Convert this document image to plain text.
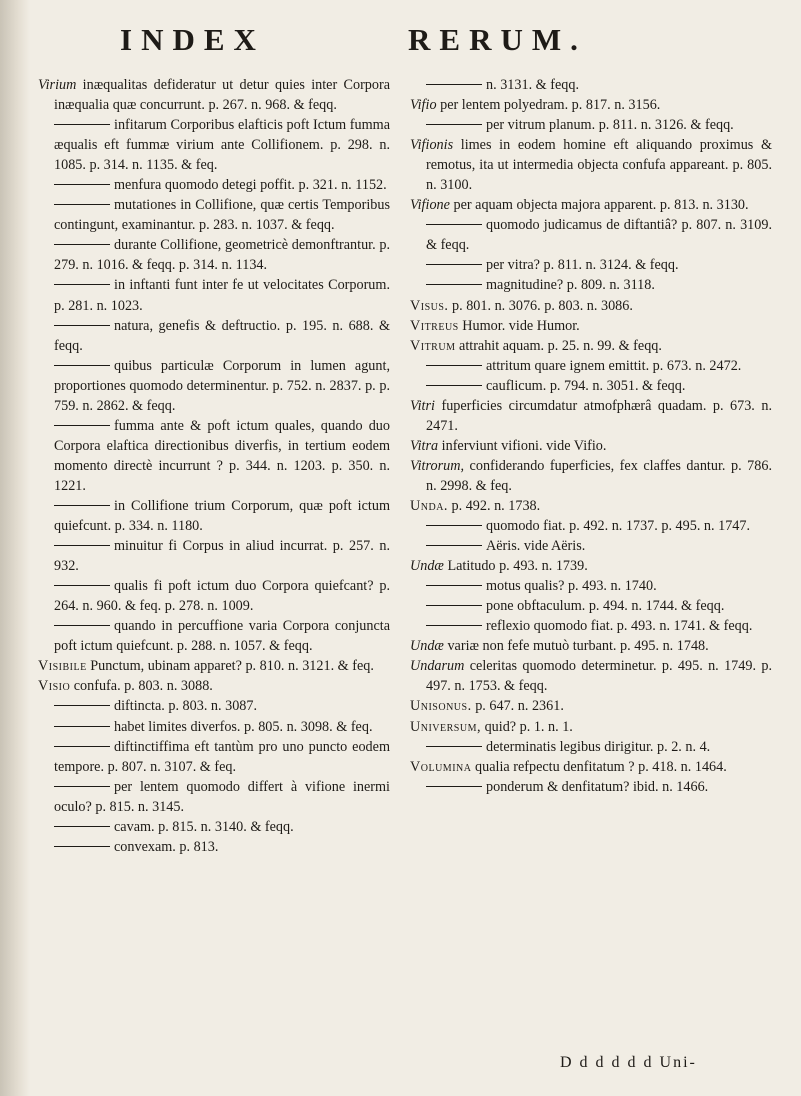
INDEX	RERUM.

Virium inæqualitas defideratur ut detur quies inter Corpora inæqualia quæ concurrunt. p. 267. n. 968. & feqq.

infitarum Corporibus elafticis poft Ictum fumma æqualis eft fummæ virium ante Collifionem. p. 298. n. 1085. p. 314. n. 1135. & feq.

menfura quomodo detegi poffit. p. 321. n. 1152.

mutationes in Collifione, quæ certis Temporibus contingunt, examinantur. p. 283. n. 1037. & feqq.

durante Collifione, geometricè demonftrantur. p. 279. n. 1016. & feqq. p. 314. n. 1134.

in inftanti funt inter fe ut velocitates Corporum. p. 281. n. 1023.

natura, genefis & deftructio. p. 195. n. 688. & feqq.

quibus particulæ Corporum in lumen agunt, proportiones quomodo determinentur. p. 752. n. 2837. p. p. 759. n. 2862. & feqq.

fumma ante & poft ictum quales, quando duo Corpora elaftica directionibus diverfis, in tertium eodem momento directè incurrunt ? p. 344. n. 1203. p. 350. n. 1221.

in Collifione trium Corporum, quæ poft ictum quiefcunt. p. 334. n. 1180.

minuitur fi Corpus in aliud incurrat. p. 257. n. 932.

qualis fi poft ictum duo Corpora quiefcant? p. 264. n. 960. & feq. p. 278. n. 1009.

quando in percuffione varia Corpora conjuncta poft ictum quiefcunt. p. 288. n. 1057. & feqq.

Visibile Punctum, ubinam apparet? p. 810. n. 3121. & feq.

Visio confufa. p. 803. n. 3088.

diftincta. p. 803. n. 3087.

habet limites diverfos. p. 805. n. 3098. & feq.

diftinctiffima eft tantùm pro uno puncto eodem tempore. p. 807. n. 3107. & feq.

per lentem quomodo differt à vifione inermi oculo? p. 815. n. 3145.

cavam. p. 815. n. 3140. & feqq.

convexam. p. 813.

n. 3131. & feqq.

Vifio per lentem polyedram. p. 817. n. 3156.

per vitrum planum. p. 811. n. 3126. & feqq.

Vifionis limes in eodem homine eft aliquando proximus & remotus, ita ut intermedia objecta confufa appareant. p. 805. n. 3100.

Vifione per aquam objecta majora apparent. p. 813. n. 3130.

quomodo judicamus de diftantiâ? p. 807. n. 3109. & feqq.

per vitra? p. 811. n. 3124. & feqq.

magnitudine? p. 809. n. 3118.

Visus. p. 801. n. 3076. p. 803. n. 3086.

Vitreus Humor. vide Humor.

Vitrum attrahit aquam. p. 25. n. 99. & feqq.

attritum quare ignem emittit. p. 673. n. 2472.

cauflicum. p. 794. n. 3051. & feqq.

Vitri fuperficies circumdatur atmofphærâ quadam. p. 673. n. 2471.

Vitra inferviunt vifioni. vide Vifio.

Vitrorum, confiderando fuperficies, fex claffes dantur. p. 786. n. 2998. & feq.

Unda. p. 492. n. 1738.

quomodo fiat. p. 492. n. 1737. p. 495. n. 1747.

Aëris. vide Aëris.

Undæ Latitudo p. 493. n. 1739.

motus qualis? p. 493. n. 1740.

pone obftaculum. p. 494. n. 1744. & feqq.

reflexio quomodo fiat. p. 493. n. 1741. & feqq.

Undæ variæ non fefe mutuò turbant. p. 495. n. 1748.

Undarum celeritas quomodo determinetur. p. 495. n. 1749. p. 497. n. 1753. & feqq.

Unisonus. p. 647. n. 2361.

Universum, quid? p. 1. n. 1.

determinatis legibus dirigitur. p. 2. n. 4.

Volumina qualia refpectu denfitatum ? p. 418. n. 1464.

ponderum & denfitatum? ibid. n. 1466.

D d d d d d Uni-
